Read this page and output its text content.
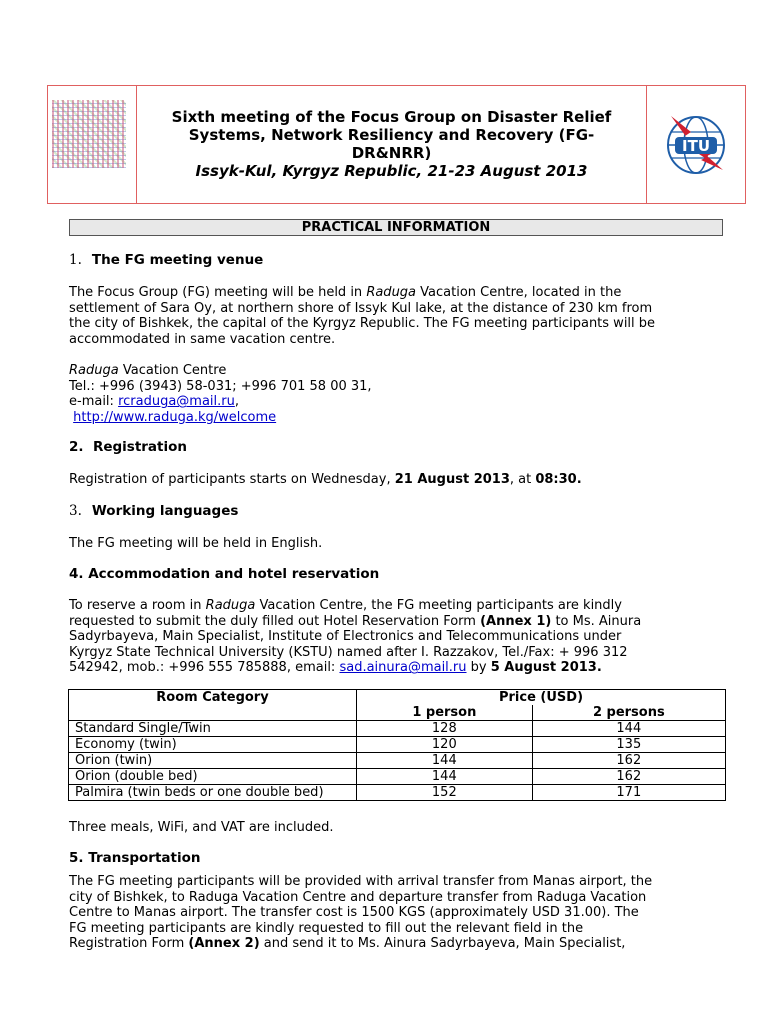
Sixth meeting of the Focus Group on Disaster Relief
Systems, Network Resiliency and Recovery (FG-
DR&NRR)
Issyk-Kul, Kyrgyz Republic, 21-23 August 2013
ITU
PRACTICAL INFORMATION
1. The FG meeting venue
The Focus Group (FG) meeting will be held in Raduga Vacation Centre, located in the
settlement of Sara Oy, at northern shore of Issyk Kul lake, at the distance of 230 km from
the city of Bishkek, the capital of the Kyrgyz Republic. The FG meeting participants will be
accommodated in same vacation centre.
Raduga Vacation Centre
Tel.: +996 (3943) 58-031; +996 701 58 00 31,
e-mail: rcraduga@mail.ru,
http://www.raduga.kg/welcome
2. Registration
Registration of participants starts on Wednesday, 21 August 2013, at 08:30.
3. Working languages
The FG meeting will be held in English.
4. Accommodation and hotel reservation
To reserve a room in Raduga Vacation Centre, the FG meeting participants are kindly
requested to submit the duly filled out Hotel Reservation Form (Annex 1) to Ms. Ainura
Sadyrbayeva, Main Specialist, Institute of Electronics and Telecommunications under
Kyrgyz State Technical University (KSTU) named after I. Razzakov, Tel./Fax: + 996 312
542942, mob.: +996 555 785888, email: sad.ainura@mail.ru by 5 August 2013.
Room Category	Price (USD)	
	1 person	2 persons
Standard Single/Twin	128	144
Economy (twin)	120	135
Orion (twin)	144	162
Orion (double bed)	144	162
Palmira (twin beds or one double bed)	152	171
Three meals, WiFi, and VAT are included.
5. Transportation
The FG meeting participants will be provided with arrival transfer from Manas airport, the
city of Bishkek, to Raduga Vacation Centre and departure transfer from Raduga Vacation
Centre to Manas airport. The transfer cost is 1500 KGS (approximately USD 31.00). The
FG meeting participants are kindly requested to fill out the relevant field in the
Registration Form (Annex 2) and send it to Ms. Ainura Sadyrbayeva, Main Specialist,
